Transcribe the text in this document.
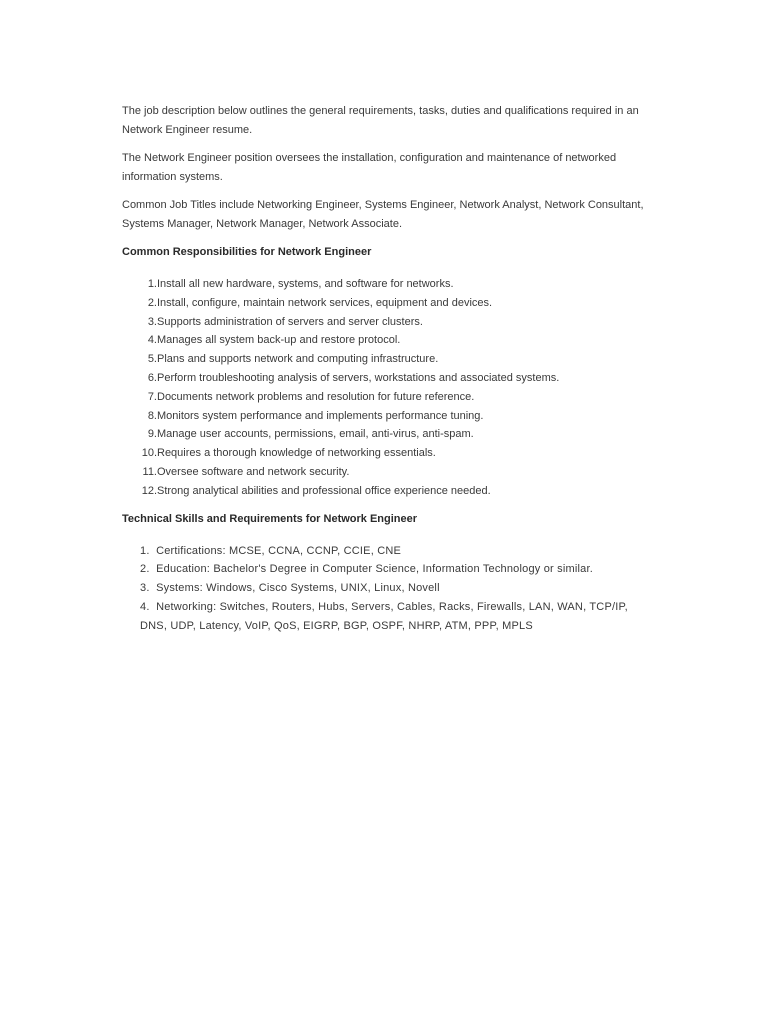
The job description below outlines the general requirements, tasks, duties and qualifications required in an Network Engineer resume.

The Network Engineer position oversees the installation, configuration and maintenance of networked information systems.

Common Job Titles include Networking Engineer, Systems Engineer, Network Analyst, Network Consultant, Systems Manager, Network Manager, Network Associate.

Common Responsibilities for Network Engineer
1. Install all new hardware, systems, and software for networks.
2. Install, configure, maintain network services, equipment and devices.
3. Supports administration of servers and server clusters.
4. Manages all system back-up and restore protocol.
5. Plans and supports network and computing infrastructure.
6. Perform troubleshooting analysis of servers, workstations and associated systems.
7. Documents network problems and resolution for future reference.
8. Monitors system performance and implements performance tuning.
9. Manage user accounts, permissions, email, anti-virus, anti-spam.
10. Requires a thorough knowledge of networking essentials.
11. Oversee software and network security.
12. Strong analytical abilities and professional office experience needed.
Technical Skills and Requirements for Network Engineer
1.  Certifications: MCSE, CCNA, CCNP, CCIE, CNE
2.  Education: Bachelor's Degree in Computer Science, Information Technology or similar.
3.  Systems: Windows, Cisco Systems, UNIX, Linux, Novell
4.  Networking: Switches, Routers, Hubs, Servers, Cables, Racks, Firewalls, LAN, WAN, TCP/IP,
DNS, UDP, Latency, VoIP, QoS, EIGRP, BGP, OSPF, NHRP, ATM, PPP, MPLS
